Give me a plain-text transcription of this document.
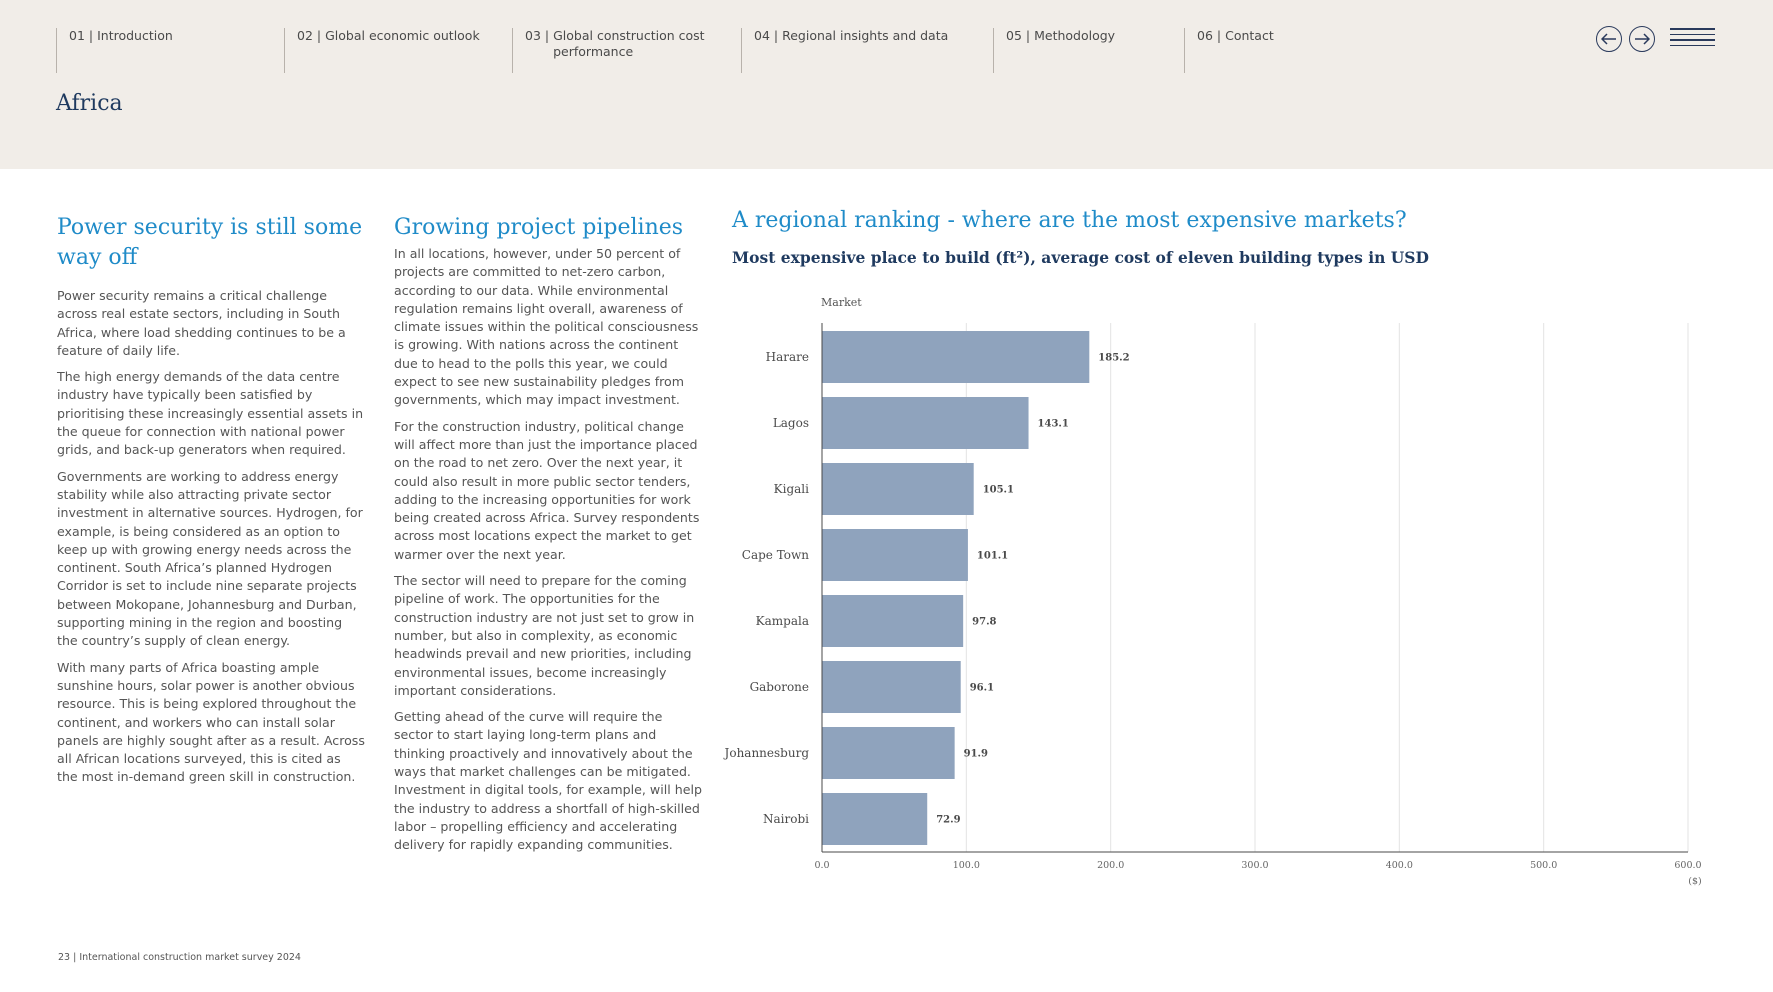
01 | Introduction	02 | Global economic outlook	03 | Global construction cost performance
04 | Regional insights and data	05 | Methodology	06 | Contact
Africa
Power security is still some way off

Power security remains a critical challenge across real estate sectors, including in South Africa, where load shedding continues to be a feature of daily life.

The high energy demands of the data centre industry have typically been satisfied by prioritising these increasingly essential assets in the queue for connection with national power grids, and back-up generators when required.

Governments are working to address energy stability while also attracting private sector investment in alternative sources. Hydrogen, for example, is being considered as an option to keep up with growing energy needs across the continent. South Africa’s planned Hydrogen Corridor is set to include nine separate projects between Mokopane, Johannesburg and Durban, supporting mining in the region and boosting the country’s supply of clean energy.

With many parts of Africa boasting ample sunshine hours, solar power is another obvious resource. This is being explored throughout the continent, and workers who can install solar panels are highly sought after as a result. Across all African locations surveyed, this is cited as the most in-demand green skill in construction.

Growing project pipelines

In all locations, however, under 50 percent of projects are committed to net-zero carbon, according to our data. While environmental regulation remains light overall, awareness of climate issues within the political consciousness is growing. With nations across the continent due to head to the polls this year, we could expect to see new sustainability pledges from governments, which may impact investment.

For the construction industry, political change will affect more than just the importance placed on the road to net zero. Over the next year, it could also result in more public sector tenders, adding to the increasing opportunities for work being created across Africa. Survey respondents across most locations expect the market to get warmer over the next year.

The sector will need to prepare for the coming pipeline of work. The opportunities for the construction industry are not just set to grow in number, but also in complexity, as economic headwinds prevail and new priorities, including environmental issues, become increasingly important considerations.

Getting ahead of the curve will require the sector to start laying long-term plans and thinking proactively and innovatively about the ways that market challenges can be mitigated. Investment in digital tools, for example, will help the industry to address a shortfall of high-skilled labor – propelling efficiency and accelerating delivery for rapidly expanding communities.

A regional ranking - where are the most expensive markets?
Most expensive place to build (ft²), average cost of eleven building types in USD
0.0	100.0	200.0	300.0	400.0	500.0	600.0
($)
Market
Harare	185.2
Lagos	143.1
Kigali	105.1
Cape Town	101.1
Kampala	97.8
Gaborone	96.1
Johannesburg	91.9
Nairobi	72.9
23 | International construction market survey 2024
